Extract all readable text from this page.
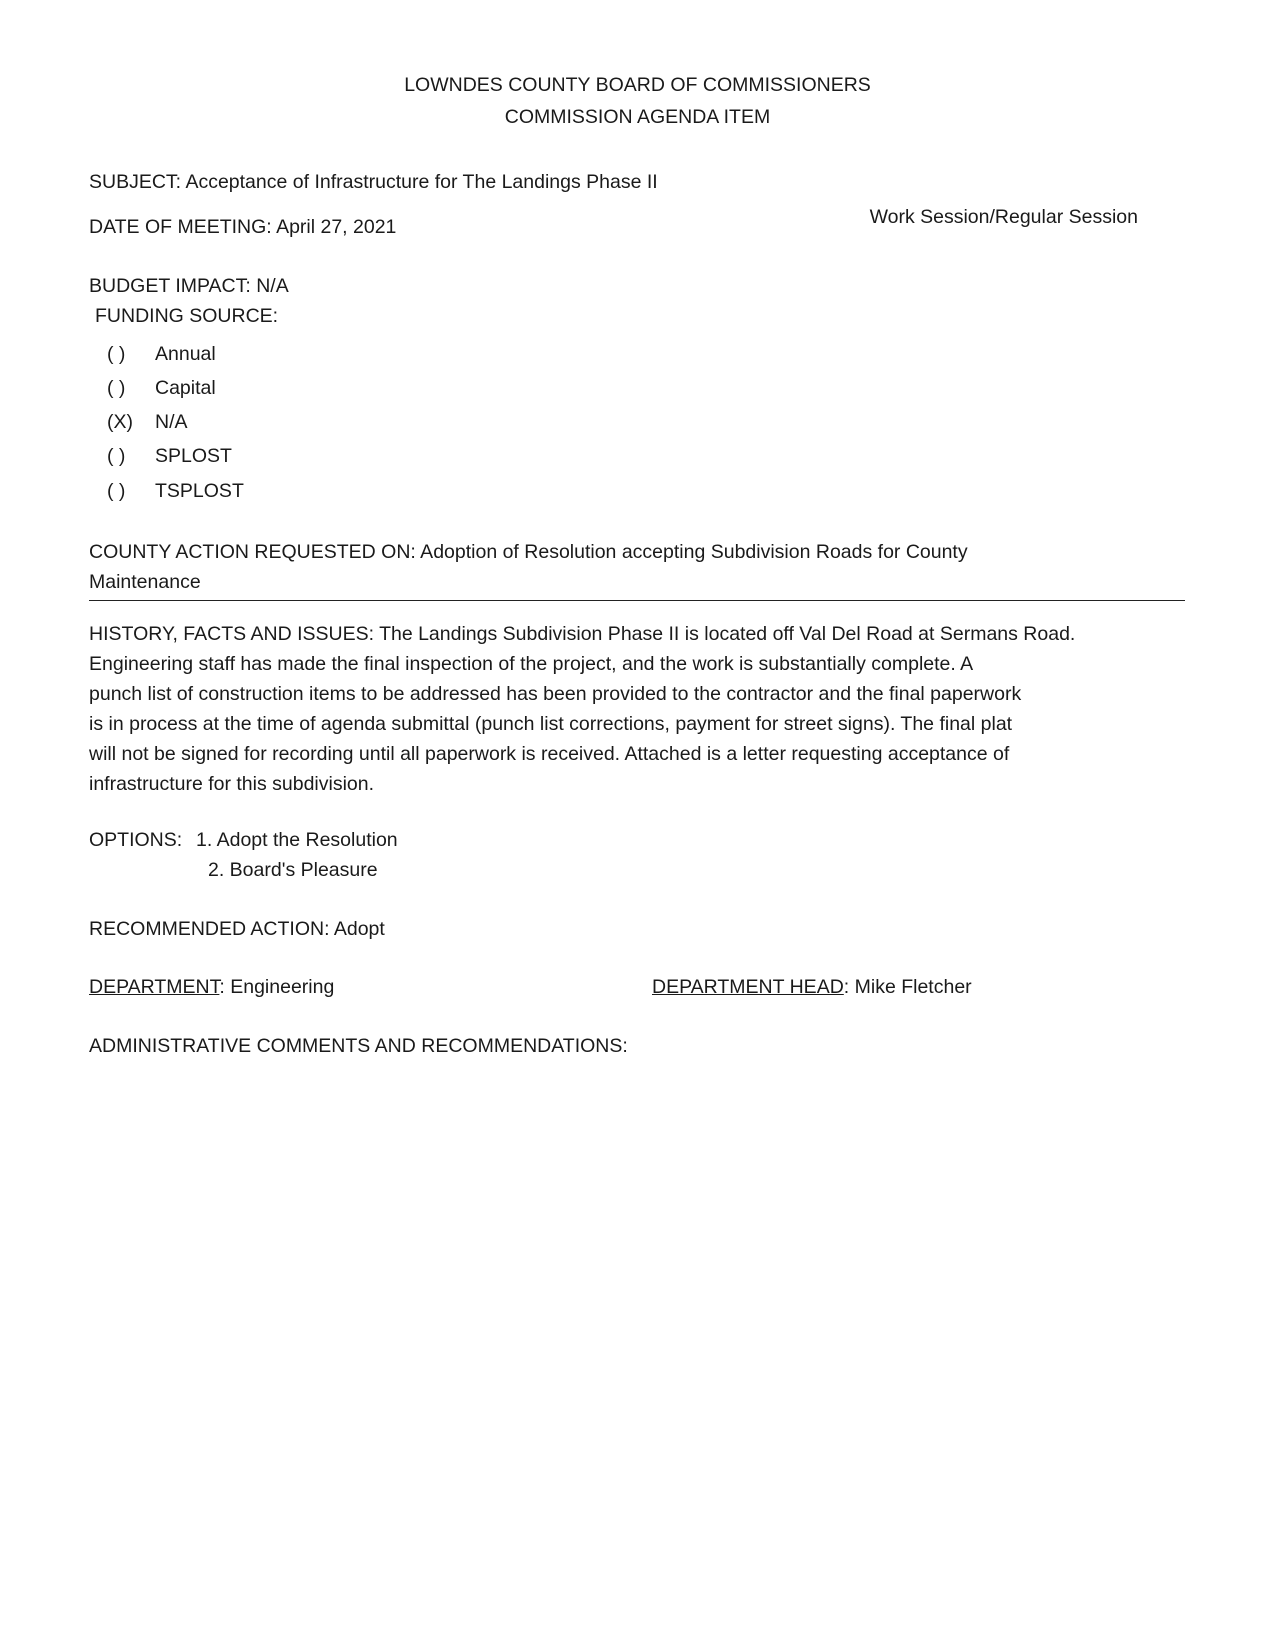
LOWNDES COUNTY BOARD OF COMMISSIONERS
COMMISSION AGENDA ITEM
SUBJECT: Acceptance of Infrastructure for The Landings Phase II
DATE OF MEETING: April 27, 2021	Work Session/Regular Session
BUDGET IMPACT: N/A
FUNDING SOURCE:
( ) Annual
( ) Capital
(X) N/A
( ) SPLOST
( ) TSPLOST
COUNTY ACTION REQUESTED ON: Adoption of Resolution accepting Subdivision Roads for County
Maintenance
HISTORY, FACTS AND ISSUES: The Landings Subdivision Phase II is located off Val Del Road at Sermans Road.
Engineering staff has made the final inspection of the project, and the work is substantially complete. A
punch list of construction items to be addressed has been provided to the contractor and the final paperwork
is in process at the time of agenda submittal (punch list corrections, payment for street signs). The final plat
will not be signed for recording until all paperwork is received. Attached is a letter requesting acceptance of
infrastructure for this subdivision.
OPTIONS: 1. Adopt the Resolution
2. Board's Pleasure
RECOMMENDED ACTION: Adopt
DEPARTMENT: Engineering	DEPARTMENT HEAD: Mike Fletcher
ADMINISTRATIVE COMMENTS AND RECOMMENDATIONS:
